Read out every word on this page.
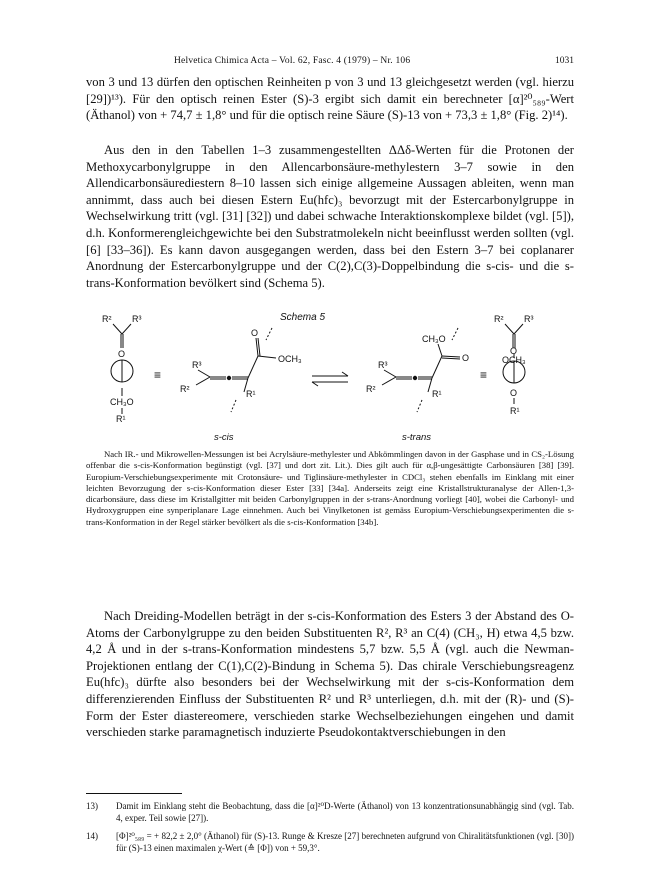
Helvetica Chimica Acta – Vol. 62, Fasc. 4 (1979) – Nr. 106	1031

von 3 und 13 dürfen den optischen Reinheiten p von 3 und 13 gleichgesetzt werden (vgl. hierzu [29])¹³). Für den optisch reinen Ester (S)-3 ergibt sich damit ein berechneter [α]²⁰₅₈₉-Wert (Äthanol) von + 74,7 ± 1,8° und für die optisch reine Säure (S)-13 von + 73,3 ± 1,8° (Fig. 2)¹⁴).

Aus den in den Tabellen 1–3 zusammengestellten ΔΔδ-Werten für die Protonen der Methoxycarbonylgruppe in den Allencarbonsäure-methylestern 3–7 sowie in den Allendicarbonsäurediestern 8–10 lassen sich einige allgemeine Aussagen ableiten, wenn man annimmt, dass auch bei diesen Estern Eu(hfc)₃ bevorzugt mit der Estercarbonylgruppe in Wechselwirkung tritt (vgl. [31] [32]) und dabei schwache Interaktionskomplexe bildet (vgl. [5]), d.h. Konformerengleichgewichte bei den Substratmolekeln nicht beeinflusst werden sollten (vgl. [6] [33–36]). Es kann davon ausgegangen werden, dass bei den Estern 3–7 bei coplanarer Anordnung der Estercarbonylgruppe und der C(2),C(3)-Doppelbindung die s-cis- und die s-trans-Konformation bevölkert sind (Schema 5).

Schema 5
R² R³
O
CH₃O
R¹
≡
R³
R²
O
OCH₃
R¹
R³
R²
CH₃O
O
R¹
≡
R² R³
O
OCH₃
O
R¹
s-cis	s-trans

Nach IR.- und Mikrowellen-Messungen ist bei Acrylsäure-methylester und Abkömmlingen davon in der Gasphase und in CS₂-Lösung offenbar die s-cis-Konformation begünstigt (vgl. [37] und dort zit. Lit.). Dies gilt auch für α,β-ungesättigte Carbonsäuren [38] [39]. Europium-Verschiebungsexperimente mit Crotonsäure- und Tiglinsäure-methylester in CDCl₃ stehen ebenfalls im Einklang mit einer leichten Bevorzugung der s-cis-Konformation dieser Ester [33] [34a]. Anderseits zeigt eine Kristallstrukturanalyse der Allen-1,3-dicarbonsäure, dass diese im Kristallgitter mit beiden Carbonylgruppen in der s-trans-Anordnung vorliegt [40], wobei die Carbonyl- und Hydroxygruppen eine synperiplanare Lage einnehmen. Auch bei Vinylketonen ist gemäss Europium-Verschiebungsexperimenten die s-trans-Konformation in der Regel stärker bevölkert als die s-cis-Konformation [34b].

Nach Dreiding-Modellen beträgt in der s-cis-Konformation des Esters 3 der Abstand des O-Atoms der Carbonylgruppe zu den beiden Substituenten R², R³ an C(4) (CH₃, H) etwa 4,5 bzw. 4,2 Å und in der s-trans-Konformation mindestens 5,7 bzw. 5,5 Å (vgl. auch die Newman-Projektionen entlang der C(1),C(2)-Bindung in Schema 5). Das chirale Verschiebungsreagenz Eu(hfc)₃ dürfte also besonders bei der Wechselwirkung mit der s-cis-Konformation dem differenzierenden Einfluss der Substituenten R² und R³ unterliegen, d.h. mit der (R)- und (S)-Form der Ester diastereomere, verschieden starke Wechselbeziehungen eingehen und damit verschieden starke paramagnetisch induzierte Pseudokontaktverschiebungen in den

13) Damit im Einklang steht die Beobachtung, dass die [α]²⁰D-Werte (Äthanol) von 13 konzentrationsunabhängig sind (vgl. Tab. 4, exper. Teil sowie [27]).
14) [Φ]²⁰₅₈₉ = + 82,2 ± 2,0° (Äthanol) für (S)-13. Runge & Kresze [27] berechneten aufgrund von Chiralitätsfunktionen (vgl. [30]) für (S)-13 einen maximalen χ-Wert (≙ [Φ]) von + 59,3°.
